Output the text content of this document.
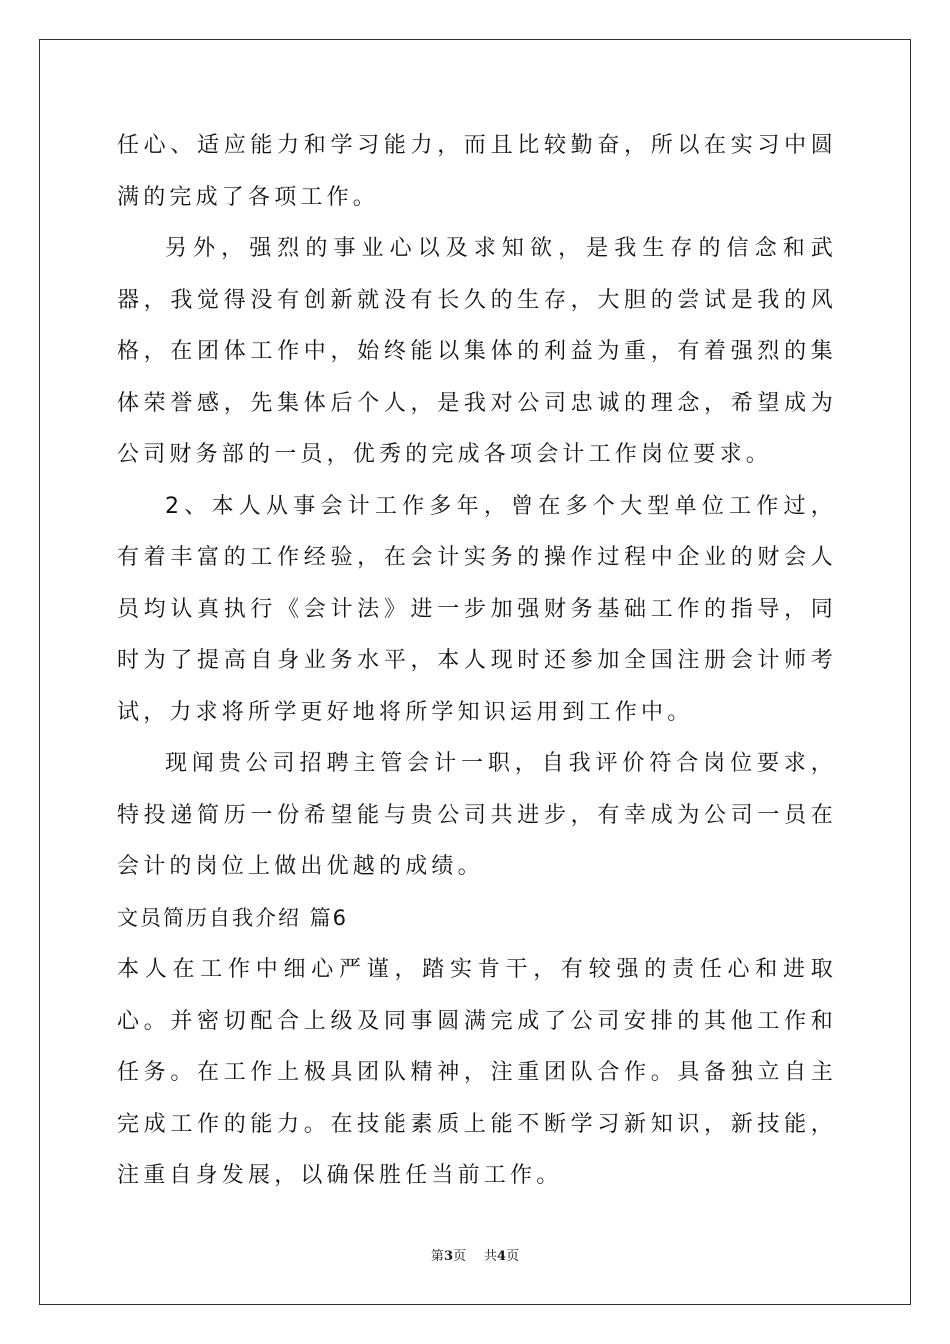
任心、适应能力和学习能力，而且比较勤奋，所以在实习中圆满的完成了各项工作。

另外，强烈的事业心以及求知欲，是我生存的信念和武器，我觉得没有创新就没有长久的生存，大胆的尝试是我的风格，在团体工作中，始终能以集体的利益为重，有着强烈的集体荣誉感，先集体后个人，是我对公司忠诚的理念，希望成为公司财务部的一员，优秀的完成各项会计工作岗位要求。

2、本人从事会计工作多年，曾在多个大型单位工作过，有着丰富的工作经验，在会计实务的操作过程中企业的财会人员均认真执行《会计法》进一步加强财务基础工作的指导，同时为了提高自身业务水平，本人现时还参加全国注册会计师考试，力求将所学更好地将所学知识运用到工作中。

现闻贵公司招聘主管会计一职，自我评价符合岗位要求，特投递简历一份希望能与贵公司共进步，有幸成为公司一员在会计的岗位上做出优越的成绩。

文员简历自我介绍 篇6

本人在工作中细心严谨，踏实肯干，有较强的责任心和进取心。并密切配合上级及同事圆满完成了公司安排的其他工作和任务。在工作上极具团队精神，注重团队合作。具备独立自主完成工作的能力。在技能素质上能不断学习新知识，新技能，注重自身发展，以确保胜任当前工作。

第3页 共4页
